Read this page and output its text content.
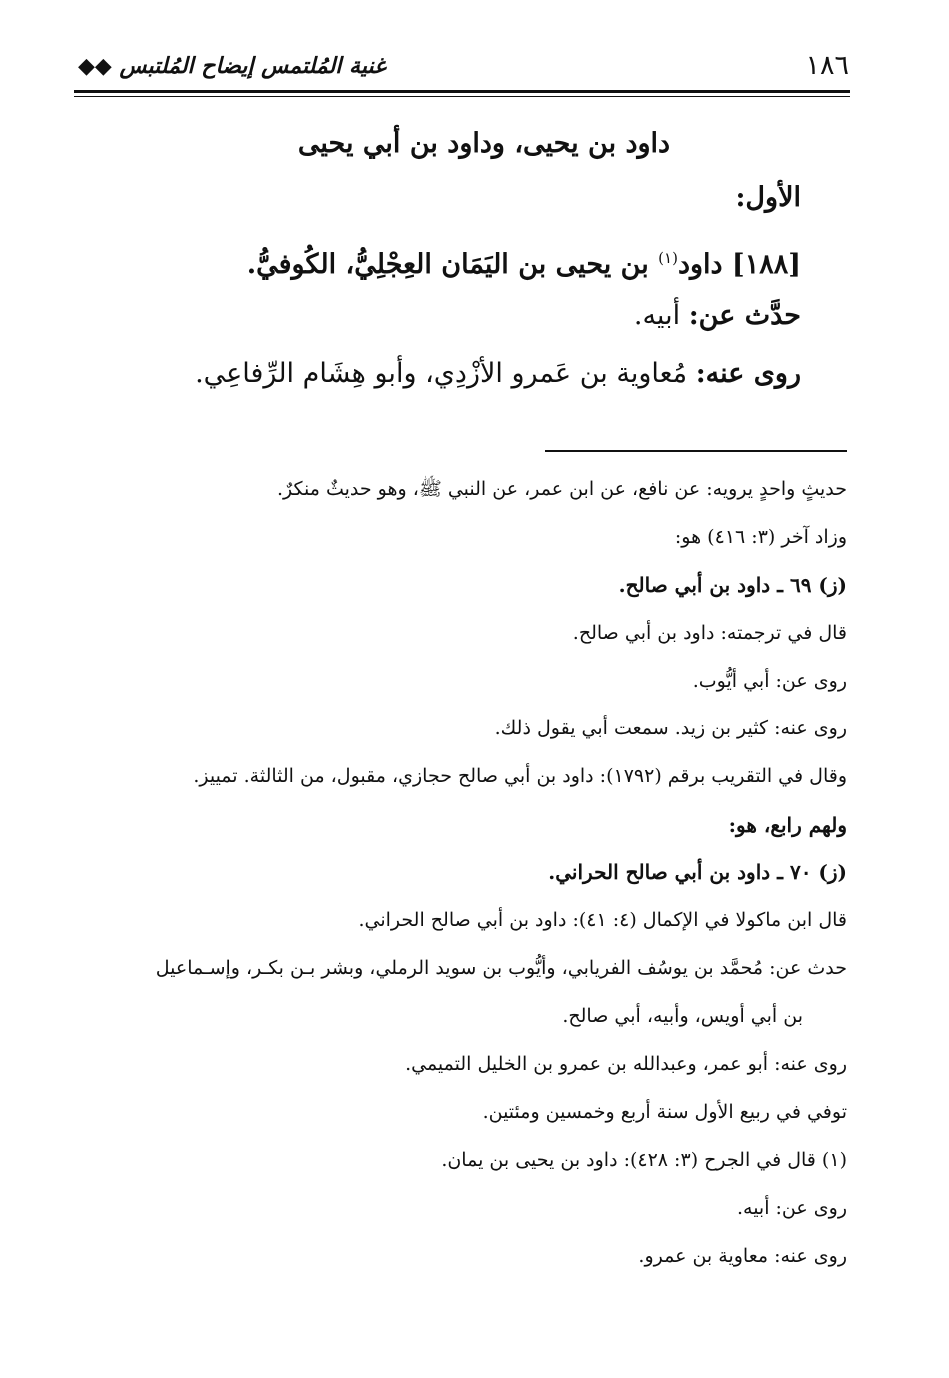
١٨٦
غنية المُلتمس إيضاح المُلتبس ◆◆
داود بن يحيى، وداود بن أبي يحيى
الأول:
[١٨٨] داود$^{(١)}$ بن يحيى بن اليَمَان العِجْلِيُّ، الكُوفيُّ.
حدَّث عن: أبيه.
روى عنه: مُعاوية بن عَمرو الأزْدِي، وأبو هِشَام الرِّفاعِي.
حديثٍ واحدٍ يرويه: عن نافع، عن ابن عمر، عن النبي ﷺ، وهو حديثٌ منكرٌ.
وزاد آخر (٣: ٤١٦) هو:
(ز) ٦٩ ـ داود بن أبي صالح.
قال في ترجمته: داود بن أبي صالح.
روى عن: أبي أيُّوب.
روى عنه: كثير بن زيد. سمعت أبي يقول ذلك.
وقال في التقريب برقم (١٧٩٢): داود بن أبي صالح حجازي، مقبول، من الثالثة. تمييز.
ولهم رابع، هو:
(ز) ٧٠ ـ داود بن أبي صالح الحراني.
قال ابن ماكولا في الإكمال (٤: ٤١): داود بن أبي صالح الحراني.
حدث عن: مُحمَّد بن يوسُف الفريابي، وأيُّوب بن سويد الرملي، وبشر بـن بكـر، وإسـماعيل
بن أبي أويس، وأبيه، أبي صالح.
روى عنه: أبو عمر، وعبدالله بن عمرو بن الخليل التميمي.
توفي في ربيع الأول سنة أربع وخمسين ومئتين.
(١) قال في الجرح (٣: ٤٢٨): داود بن يحيى بن يمان.
روى عن: أبيه.
روى عنه: معاوية بن عمرو.
